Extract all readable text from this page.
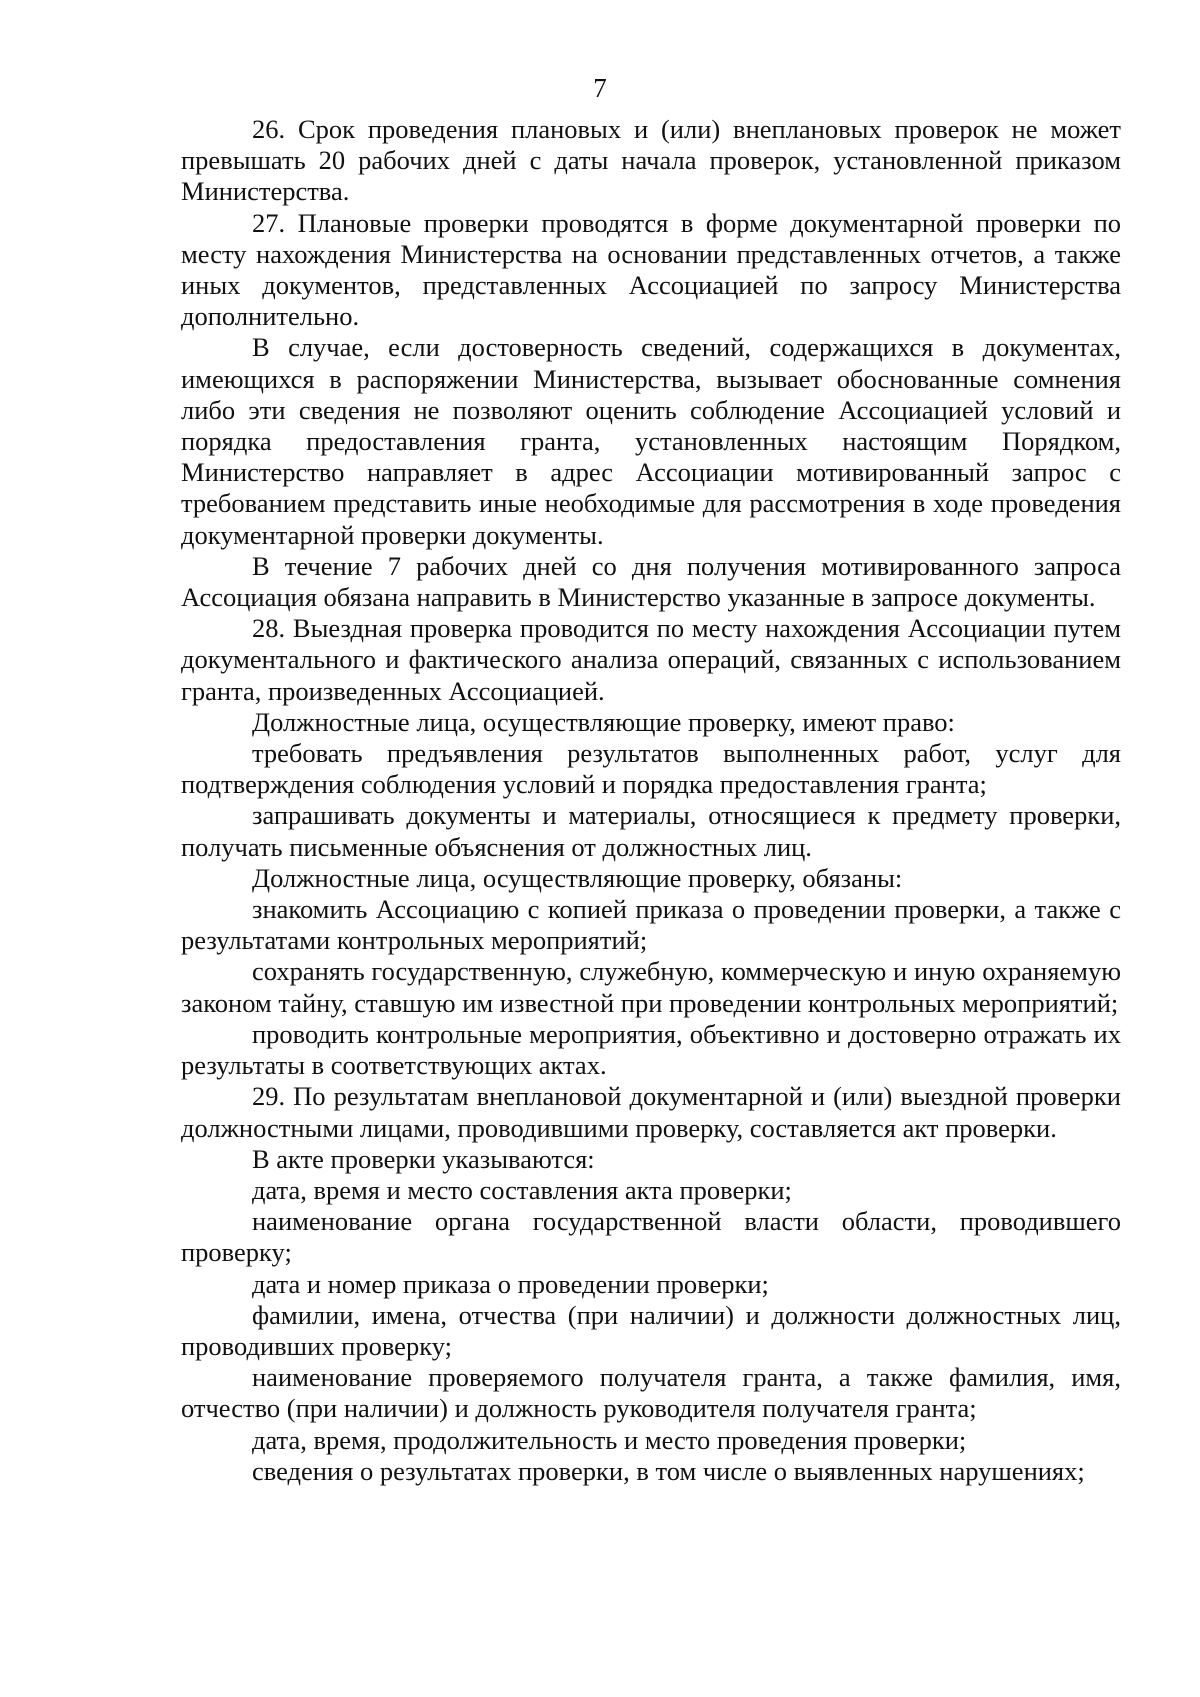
7

26. Срок проведения плановых и (или) внеплановых проверок не может превышать 20 рабочих дней с даты начала проверок, установленной приказом Министерства.

27. Плановые проверки проводятся в форме документарной проверки по месту нахождения Министерства на основании представленных отчетов, а также иных документов, представленных Ассоциацией по запросу Министерства дополнительно.

В случае, если достоверность сведений, содержащихся в документах, имеющихся в распоряжении Министерства, вызывает обоснованные сомнения либо эти сведения не позволяют оценить соблюдение Ассоциацией условий и порядка предоставления гранта, установленных настоящим Порядком, Министерство направляет в адрес Ассоциации мотивированный запрос с требованием представить иные необходимые для рассмотрения в ходе проведения документарной проверки документы.

В течение 7 рабочих дней со дня получения мотивированного запроса Ассоциация обязана направить в Министерство указанные в запросе документы.

28. Выездная проверка проводится по месту нахождения Ассоциации путем документального и фактического анализа операций, связанных с использованием гранта, произведенных Ассоциацией.

Должностные лица, осуществляющие проверку, имеют право:

требовать предъявления результатов выполненных работ, услуг для подтверждения соблюдения условий и порядка предоставления гранта;

запрашивать документы и материалы, относящиеся к предмету проверки, получать письменные объяснения от должностных лиц.

Должностные лица, осуществляющие проверку, обязаны:

знакомить Ассоциацию с копией приказа о проведении проверки, а также с результатами контрольных мероприятий;

сохранять государственную, служебную, коммерческую и иную охраняемую законом тайну, ставшую им известной при проведении контрольных мероприятий;

проводить контрольные мероприятия, объективно и достоверно отражать их результаты в соответствующих актах.

29. По результатам внеплановой документарной и (или) выездной проверки должностными лицами, проводившими проверку, составляется акт проверки.

В акте проверки указываются:

дата, время и место составления акта проверки;

наименование органа государственной власти области, проводившего проверку;

дата и номер приказа о проведении проверки;

фамилии, имена, отчества (при наличии) и должности должностных лиц, проводивших проверку;

наименование проверяемого получателя гранта, а также фамилия, имя, отчество (при наличии) и должность руководителя получателя гранта;

дата, время, продолжительность и место проведения проверки;

сведения о результатах проверки, в том числе о выявленных нарушениях;
